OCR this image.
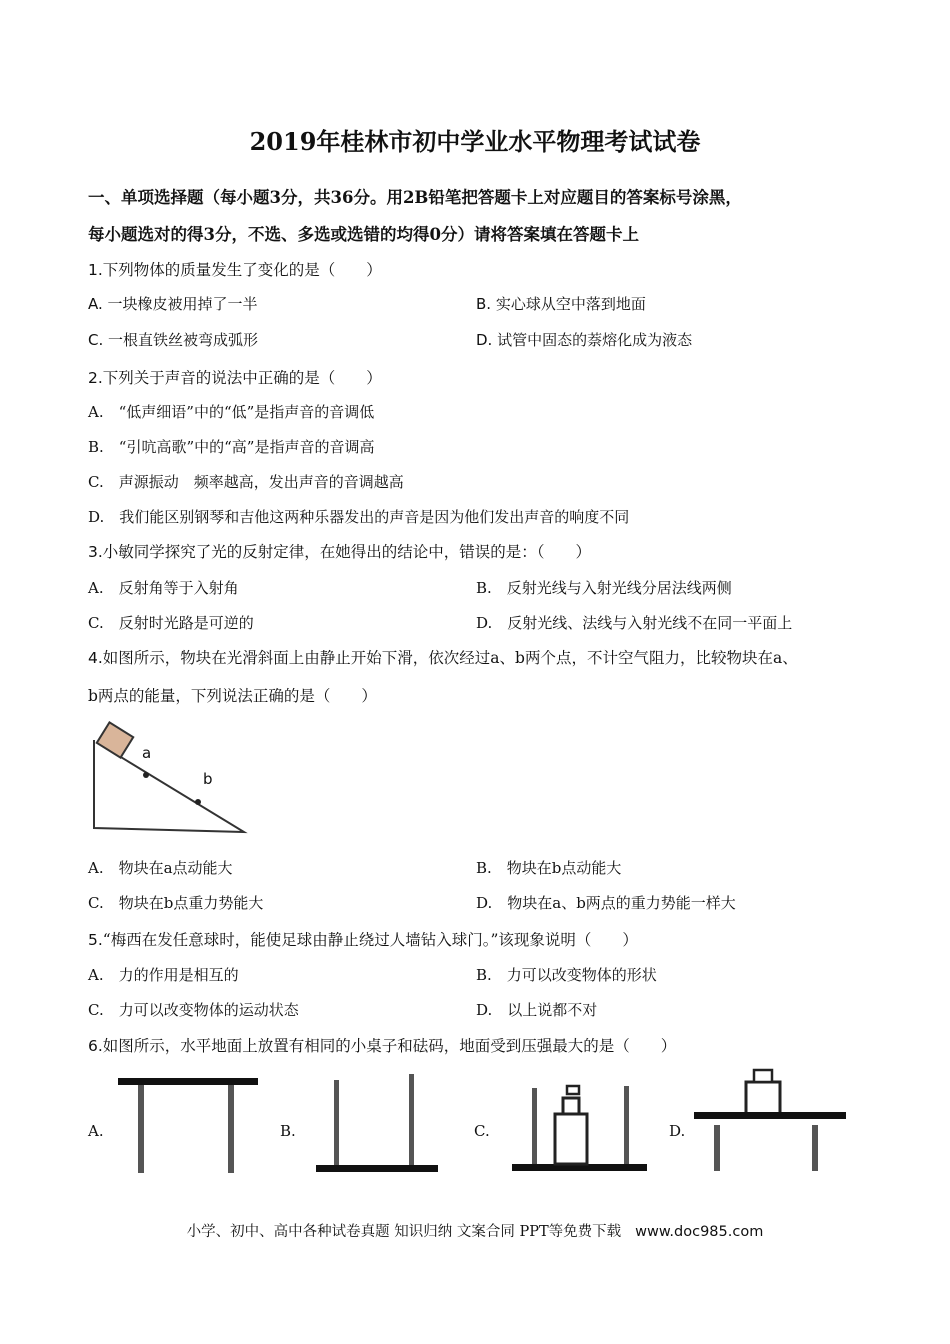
2019年桂林市初中学业水平物理考试试卷
一、单项选择题（每小题3分，共36分。用2B铅笔把答题卡上对应题目的答案标号涂黑，
每小题选对的得3分，不选、多选或选错的均得0分）请将答案填在答题卡上
1.下列物体的质量发生了变化的是（　　）
A. 一块橡皮被用掉了一半	B. 实心球从空中落到地面
C. 一根直铁丝被弯成弧形	D. 试管中固态的萘熔化成为液态
2.下列关于声音的说法中正确的是（　　）
A.　“低声细语”中的“低”是指声音的音调低
B.　“引吭高歌”中的“高”是指声音的音调高
C.　声源振动　频率越高，发出声音的音调越高
D.　我们能区别钢琴和吉他这两种乐器发出的声音是因为他们发出声音的响度不同
3.小敏同学探究了光的反射定律，在她得出的结论中，错误的是：（　　）
A.　反射角等于入射角	B.　反射光线与入射光线分居法线两侧
C.　反射时光路是可逆的	D.　反射光线、法线与入射光线不在同一平面上
4.如图所示，物块在光滑斜面上由静止开始下滑，依次经过a、b两个点，不计空气阻力，比较物块在a、
b两点的能量，下列说法正确的是（　　）
a
b
A.　物块在a点动能大	B.　物块在b点动能大
C.　物块在b点重力势能大	D.　物块在a、b两点的重力势能一样大
5.“梅西在发任意球时，能使足球由静止绕过人墙钻入球门。”该现象说明（　　）
A.　力的作用是相互的	B.　力可以改变物体的形状
C.　力可以改变物体的运动状态	D.　以上说都不对
6.如图所示，水平地面上放置有相同的小桌子和砝码，地面受到压强最大的是（　　）
A.	B.	C.	D.
小学、初中、高中各种试卷真题 知识归纳 文案合同 PPT等免费下载 www.doc985.com
